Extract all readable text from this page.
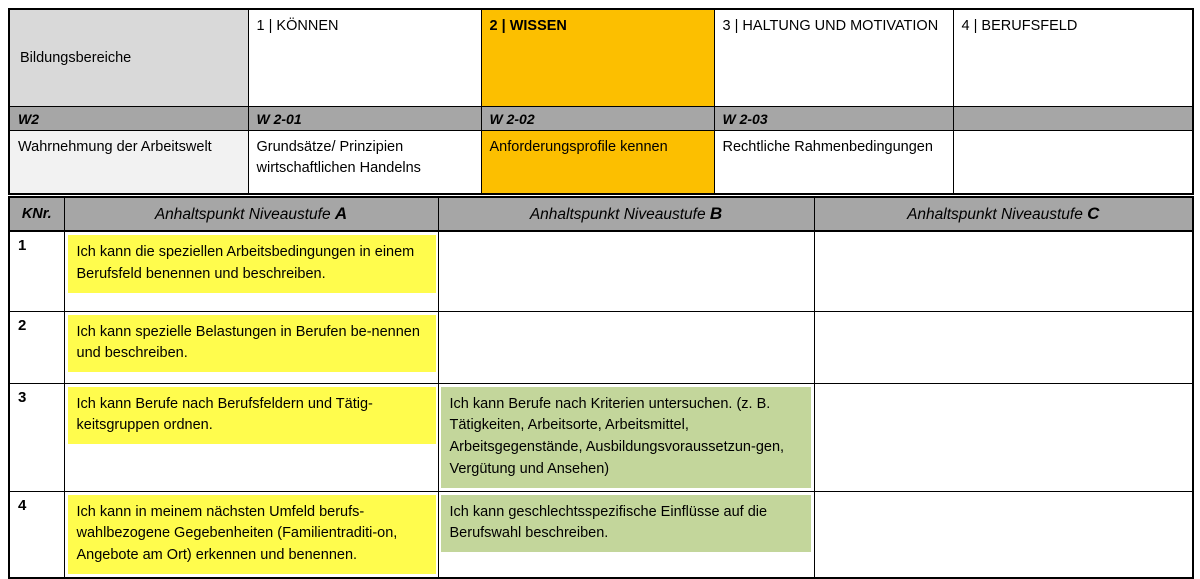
Bildungsbereiche	1 | KÖNNEN	2 | WISSEN	3 | HALTUNG UND MOTIVATION	4 | BERUFSFELD
W2	W 2-01	W 2-02	W 2-03	
Wahrnehmung der Arbeitswelt	Grundsätze/ Prinzipien wirtschaftlichen Handelns	Anforderungsprofile kennen	Rechtliche Rahmenbedingungen	
KNr.	Anhaltspunkt Niveaustufe A	Anhaltspunkt Niveaustufe B	Anhaltspunkt Niveaustufe C
1	Ich kann die speziellen Arbeitsbedingungen in einem Berufsfeld benennen und beschreiben.		

2	Ich kann spezielle Belastungen in Berufen be-nennen und beschreiben.		

3	Ich kann Berufe nach Berufsfeldern und Tätig-keitsgruppen ordnen.	Ich kann Berufe nach Kriterien untersuchen. (z. B. Tätigkeiten, Arbeitsorte, Arbeitsmittel, Arbeitsgegenstände, Ausbildungsvoraussetzun-gen, Vergütung und Ansehen)	

4	Ich kann in meinem nächsten Umfeld berufs-wahlbezogene Gegebenheiten (Familientraditi-on, Angebote am Ort) erkennen und benennen.	Ich kann geschlechtsspezifische Einflüsse auf die Berufswahl beschreiben.	
